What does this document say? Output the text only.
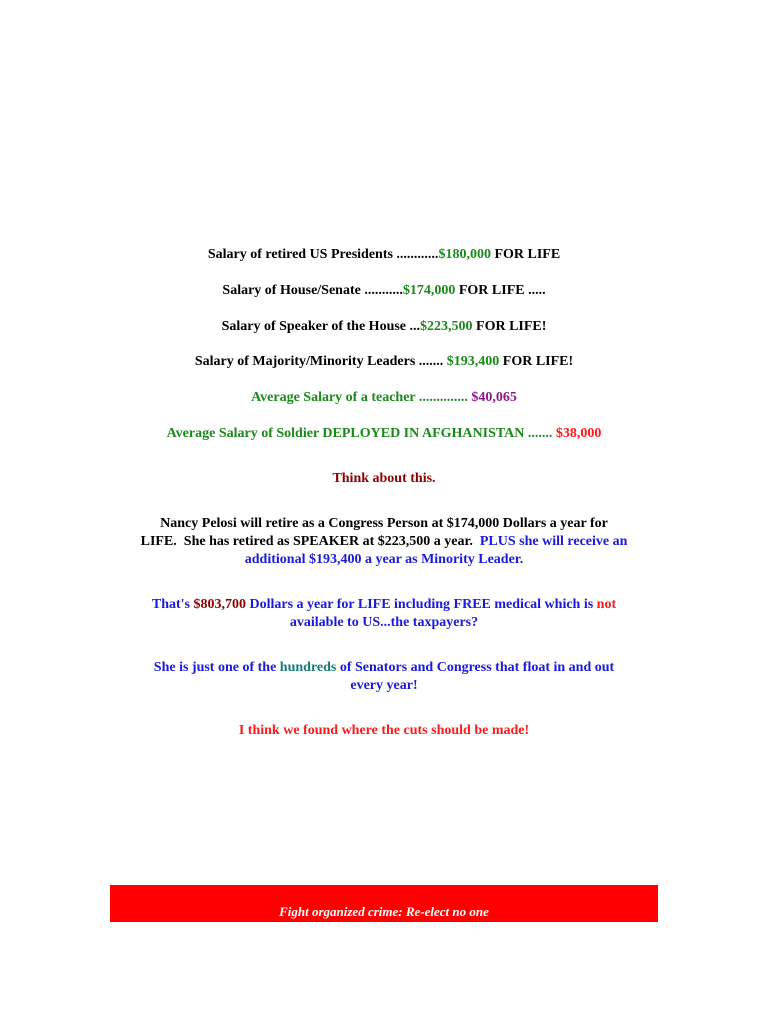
Salary of retired US Presidents ............$180,000 FOR LIFE
Salary of House/Senate ...........$174,000 FOR LIFE .....
Salary of Speaker of the House ...$223,500 FOR LIFE!
Salary of Majority/Minority Leaders ....... $193,400 FOR LIFE!
Average Salary of a teacher .............. $40,065
Average Salary of Soldier DEPLOYED IN AFGHANISTAN ....... $38,000
Think about this.
Nancy Pelosi will retire as a Congress Person at $174,000 Dollars a year for
LIFE.  She has retired as SPEAKER at $223,500 a year.  PLUS she will receive an
additional $193,400 a year as Minority Leader.
That's $803,700 Dollars a year for LIFE including FREE medical which is not
available to US...the taxpayers?
She is just one of the hundreds of Senators and Congress that float in and out
every year!
I think we found where the cuts should be made!
Fight organized crime: Re-elect no one
